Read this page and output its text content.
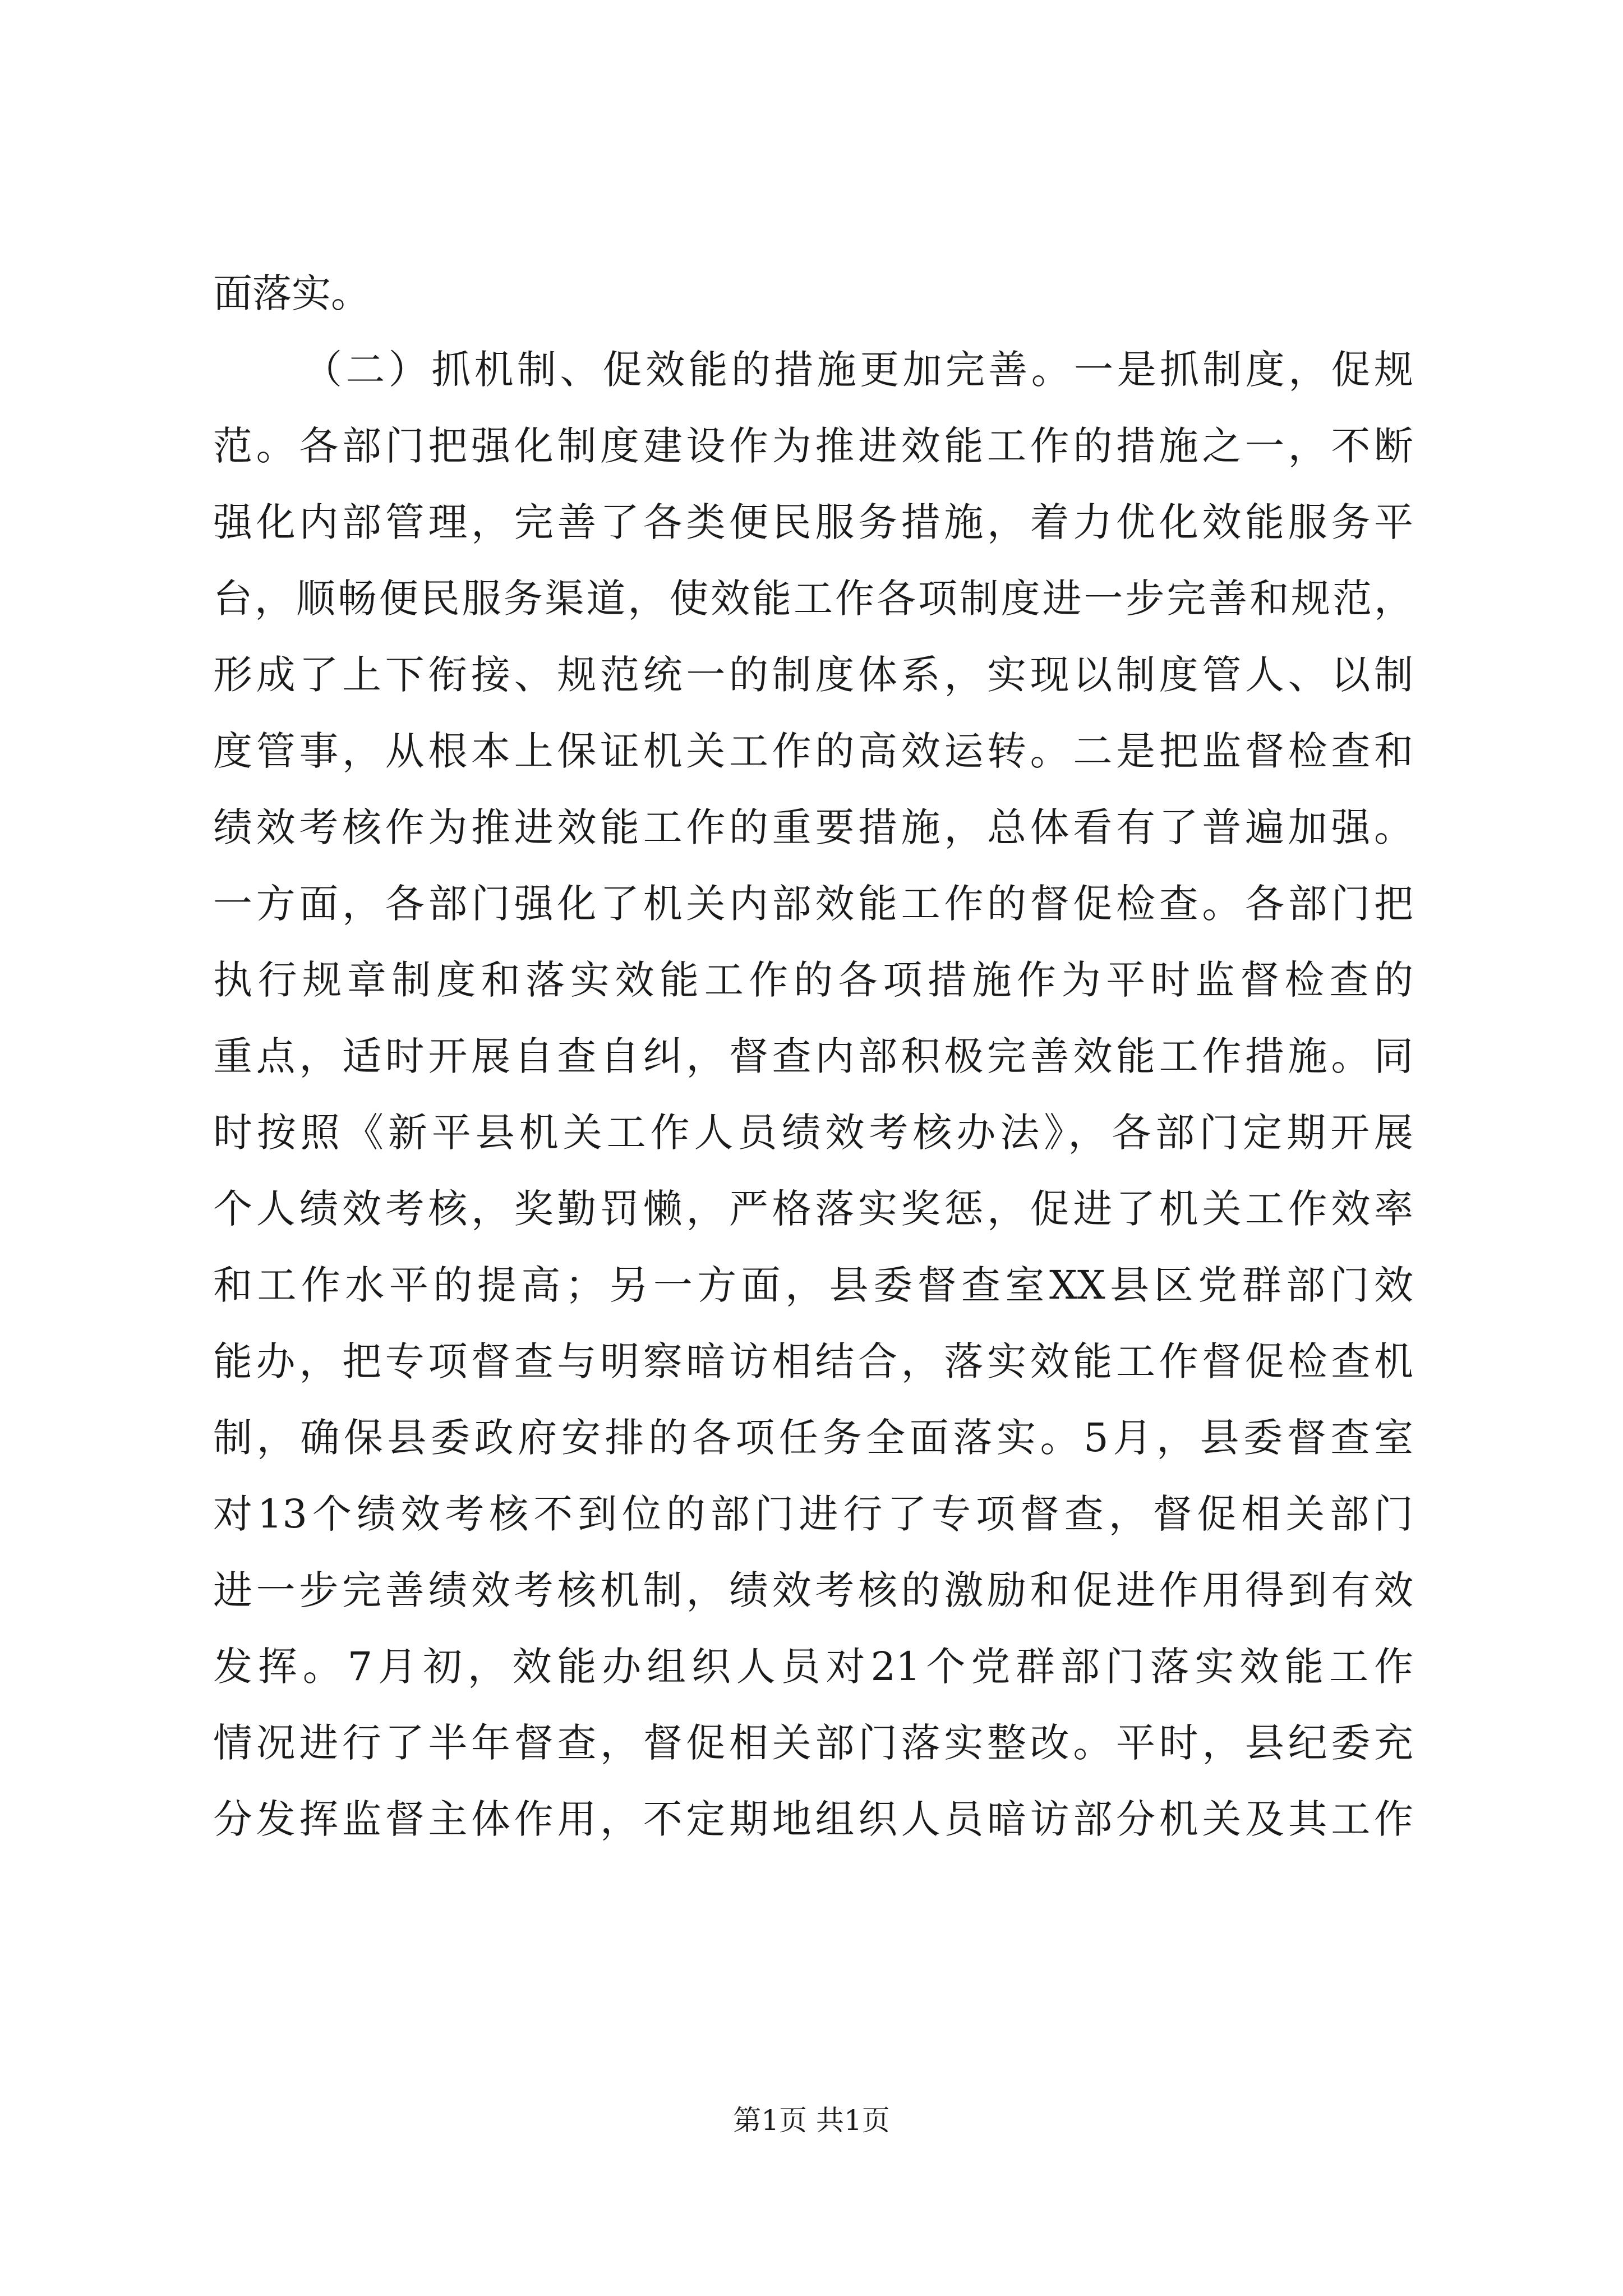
面落实。
（二）抓机制、促效能的措施更加完善。一是抓制度，促规
范。各部门把强化制度建设作为推进效能工作的措施之一，不断
强化内部管理，完善了各类便民服务措施，着力优化效能服务平
台，顺畅便民服务渠道，使效能工作各项制度进一步完善和规范，
形成了上下衔接、规范统一的制度体系，实现以制度管人、以制
度管事，从根本上保证机关工作的高效运转。二是把监督检查和
绩效考核作为推进效能工作的重要措施，总体看有了普遍加强。
一方面，各部门强化了机关内部效能工作的督促检查。各部门把
执行规章制度和落实效能工作的各项措施作为平时监督检查的
重点，适时开展自查自纠，督查内部积极完善效能工作措施。同
时按照《新平县机关工作人员绩效考核办法》，各部门定期开展
个人绩效考核，奖勤罚懒，严格落实奖惩，促进了机关工作效率
和工作水平的提高；另一方面，县委督查室XX县区党群部门效
能办，把专项督查与明察暗访相结合，落实效能工作督促检查机
制，确保县委政府安排的各项任务全面落实。5月，县委督查室
对13个绩效考核不到位的部门进行了专项督查，督促相关部门
进一步完善绩效考核机制，绩效考核的激励和促进作用得到有效
发挥。7月初，效能办组织人员对21个党群部门落实效能工作
情况进行了半年督查，督促相关部门落实整改。平时，县纪委充
分发挥监督主体作用，不定期地组织人员暗访部分机关及其工作
第1页 共1页
